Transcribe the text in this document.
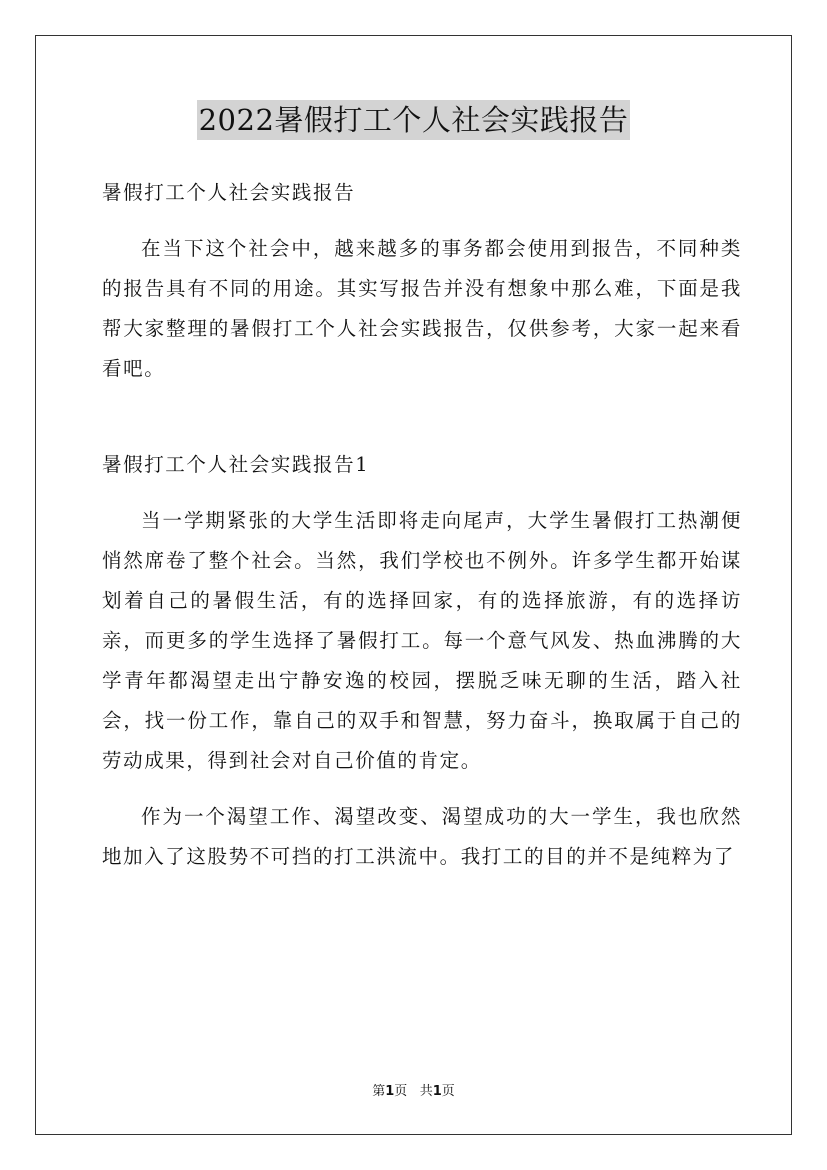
2022暑假打工个人社会实践报告

暑假打工个人社会实践报告

在当下这个社会中，越来越多的事务都会使用到报告，不同种类的报告具有不同的用途。其实写报告并没有想象中那么难，下面是我帮大家整理的暑假打工个人社会实践报告，仅供参考，大家一起来看看吧。

暑假打工个人社会实践报告1

当一学期紧张的大学生活即将走向尾声，大学生暑假打工热潮便悄然席卷了整个社会。当然，我们学校也不例外。许多学生都开始谋划着自己的暑假生活，有的选择回家，有的选择旅游，有的选择访亲，而更多的学生选择了暑假打工。每一个意气风发、热血沸腾的大学青年都渴望走出宁静安逸的校园，摆脱乏味无聊的生活，踏入社会，找一份工作，靠自己的双手和智慧，努力奋斗，换取属于自己的劳动成果，得到社会对自己价值的肯定。

作为一个渴望工作、渴望改变、渴望成功的大一学生，我也欣然地加入了这股势不可挡的打工洪流中。我打工的目的并不是纯粹为了

第1页 共1页
